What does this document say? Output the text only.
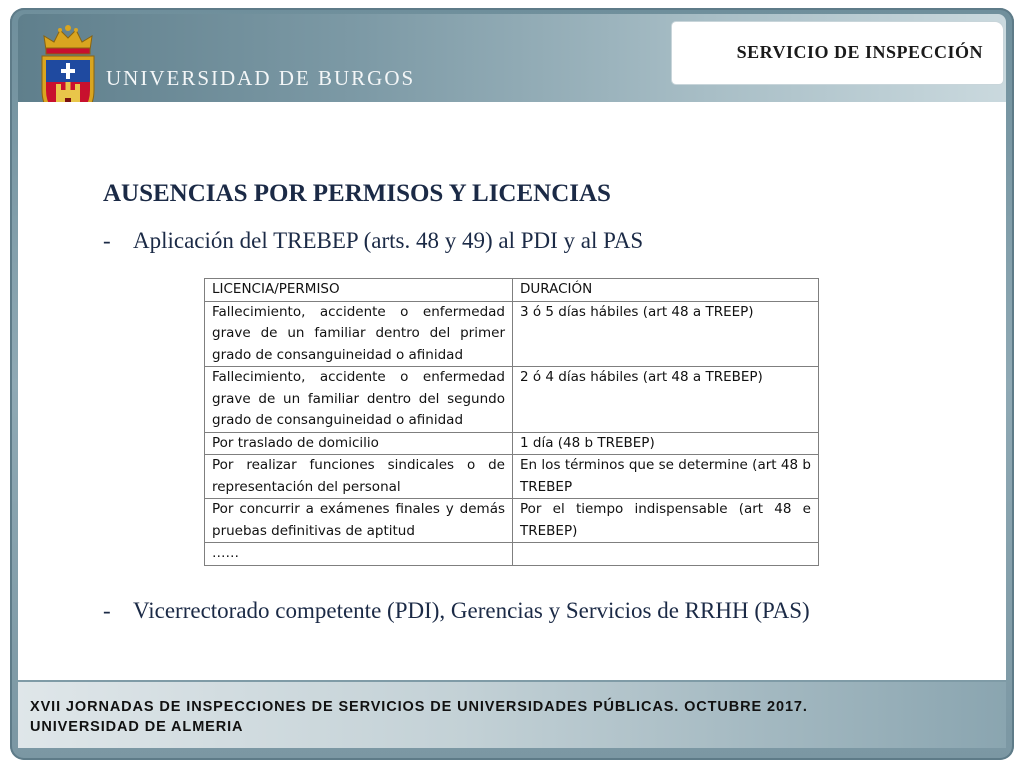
UNIVERSIDAD DE BURGOS
SERVICIO DE INSPECCIÓN
AUSENCIAS POR PERMISOS Y LICENCIAS
- Aplicación del TREBEP (arts. 48 y 49) al PDI y al PAS
LICENCIA/PERMISO	DURACIÓN
Fallecimiento, accidente o enfermedad grave de un familiar dentro del primer grado de consanguineidad o afinidad	3 ó 5 días hábiles (art 48 a TREEP)
Fallecimiento, accidente o enfermedad grave de un familiar dentro del segundo grado de consanguineidad o afinidad	2 ó 4 días hábiles (art 48 a TREBEP)
Por traslado de domicilio	1 día (48 b TREBEP)
Por realizar funciones sindicales o de representación del personal	En los términos que se determine (art 48 b TREBEP
Por concurrir a exámenes finales y demás pruebas definitivas de aptitud	Por el tiempo indispensable (art 48 e TREBEP)
……	
- Vicerrectorado competente (PDI), Gerencias y Servicios de RRHH (PAS)
XVII JORNADAS DE INSPECCIONES DE SERVICIOS DE UNIVERSIDADES PÚBLICAS. OCTUBRE 2017.
UNIVERSIDAD DE ALMERIA
